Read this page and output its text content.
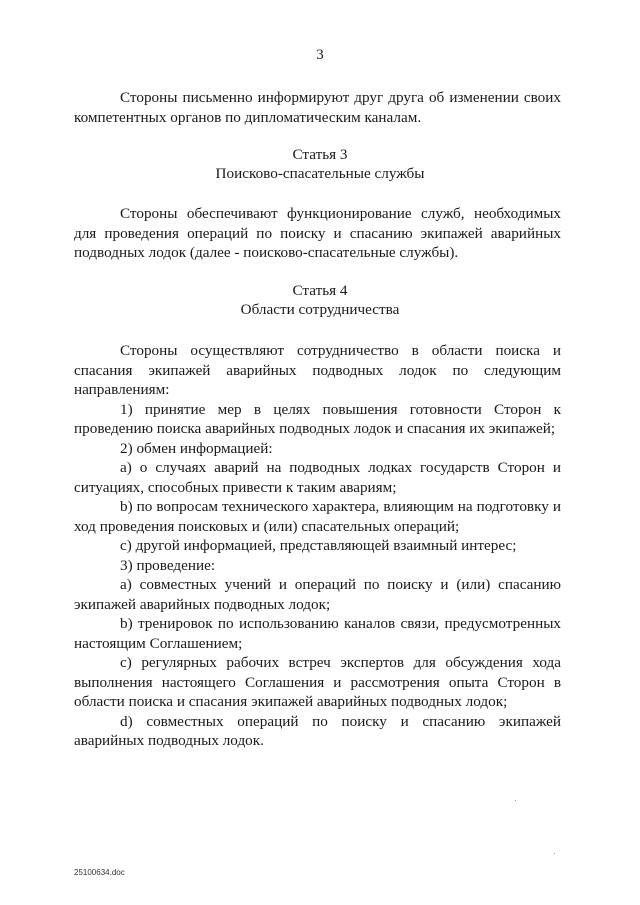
3

Стороны письменно информируют друг друга об изменении своих компетентных органов по дипломатическим каналам.

Статья 3
Поисково-спасательные службы

Стороны обеспечивают функционирование служб, необходимых для проведения операций по поиску и спасанию экипажей аварийных подводных лодок (далее - поисково-спасательные службы).

Статья 4
Области сотрудничества

Стороны осуществляют сотрудничество в области поиска и спасания экипажей аварийных подводных лодок по следующим направлениям:

1) принятие мер в целях повышения готовности Сторон к проведению поиска аварийных подводных лодок и спасания их экипажей;

2) обмен информацией:

a) о случаях аварий на подводных лодках государств Сторон и ситуациях, способных привести к таким авариям;

b) по вопросам технического характера, влияющим на подготовку и ход проведения поисковых и (или) спасательных операций;

c) другой информацией, представляющей взаимный интерес;

3) проведение:

a) совместных учений и операций по поиску и (или) спасанию экипажей аварийных подводных лодок;

b) тренировок по использованию каналов связи, предусмотренных настоящим Соглашением;

c) регулярных рабочих встреч экспертов для обсуждения хода выполнения настоящего Соглашения и рассмотрения опыта Сторон в области поиска и спасания экипажей аварийных подводных лодок;

d) совместных операций по поиску и спасанию экипажей аварийных подводных лодок.

25100634.doc
